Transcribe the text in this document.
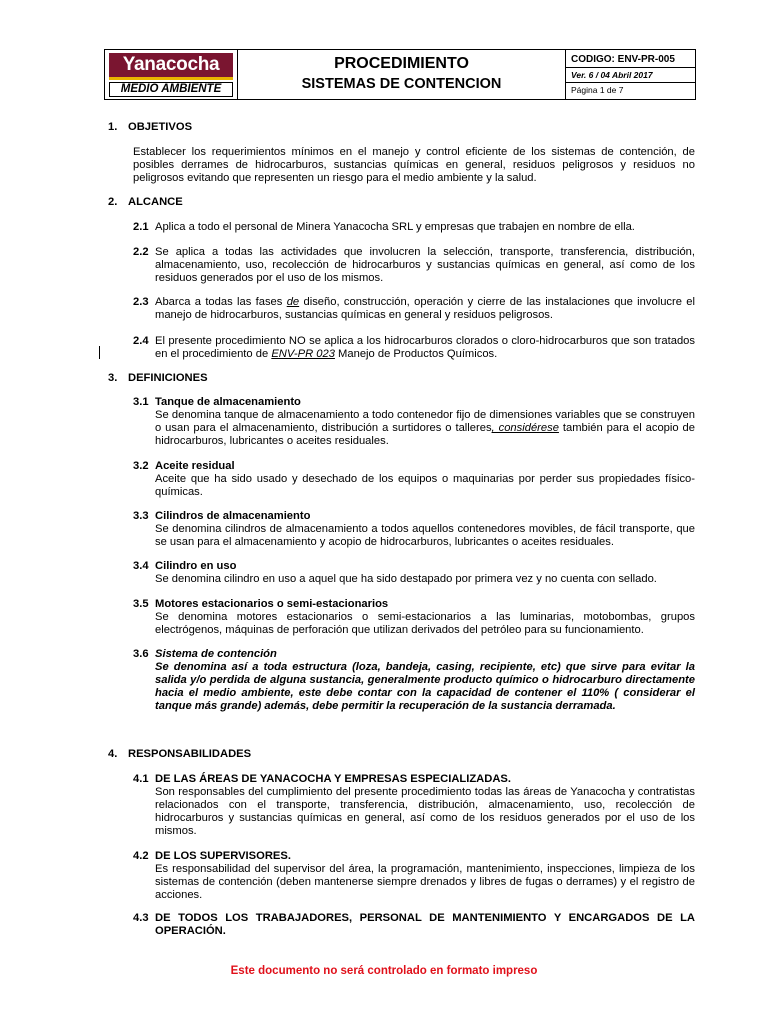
Yanacocha
MEDIO AMBIENTE
PROCEDIMIENTO
SISTEMAS DE CONTENCION
CODIGO: ENV-PR-005
Ver. 6 / 04 Abril 2017
Página 1 de 7
1. OBJETIVOS
Establecer los requerimientos mínimos en el manejo y control eficiente de los sistemas de contención, de posibles derrames de hidrocarburos, sustancias químicas en general, residuos peligrosos y residuos no peligrosos evitando que representen un riesgo para el medio ambiente y la salud.
2. ALCANCE
2.1 Aplica a todo el personal de Minera Yanacocha SRL y empresas que trabajen en nombre de ella.
2.2 Se aplica a todas las actividades que involucren la selección, transporte, transferencia, distribución, almacenamiento, uso, recolección de hidrocarburos y sustancias químicas en general, así como de los residuos generados por el uso de los mismos.
2.3 Abarca a todas las fases de diseño, construcción, operación y cierre de las instalaciones que involucre el manejo de hidrocarburos, sustancias químicas en general y residuos peligrosos.
2.4 El presente procedimiento NO se aplica a los hidrocarburos clorados o cloro-hidrocarburos que son tratados en el procedimiento de ENV-PR 023 Manejo de Productos Químicos.
3. DEFINICIONES
3.1 Tanque de almacenamiento
Se denomina tanque de almacenamiento a todo contenedor fijo de dimensiones variables que se construyen o usan para el almacenamiento, distribución a surtidores o talleres, considérese también para el acopio de hidrocarburos, lubricantes o aceites residuales.
3.2 Aceite residual
Aceite que ha sido usado y desechado de los equipos o maquinarias por perder sus propiedades físico-químicas.
3.3 Cilindros de almacenamiento
Se denomina cilindros de almacenamiento a todos aquellos contenedores movibles, de fácil transporte, que se usan para el almacenamiento y acopio de hidrocarburos, lubricantes o aceites residuales.
3.4 Cilindro en uso
Se denomina cilindro en uso a aquel que ha sido destapado por primera vez y no cuenta con sellado.
3.5 Motores estacionarios o semi-estacionarios
Se denomina motores estacionarios o semi-estacionarios a las luminarias, motobombas, grupos electrógenos, máquinas de perforación que utilizan derivados del petróleo para su funcionamiento.
3.6 Sistema de contención
Se denomina así a toda estructura (loza, bandeja, casing, recipiente, etc) que sirve para evitar la salida y/o perdida de alguna sustancia, generalmente producto químico o hidrocarburo directamente hacia el medio ambiente, este debe contar con la capacidad de contener el 110% ( considerar el tanque más grande) además, debe permitir la recuperación de la sustancia derramada.
4. RESPONSABILIDADES
4.1 DE LAS ÁREAS DE YANACOCHA Y EMPRESAS ESPECIALIZADAS.
Son responsables del cumplimiento del presente procedimiento todas las áreas de Yanacocha y contratistas relacionados con el transporte, transferencia, distribución, almacenamiento, uso, recolección de hidrocarburos y sustancias químicas en general, así como de los residuos generados por el uso de los mismos.
4.2 DE LOS SUPERVISORES.
Es responsabilidad del supervisor del área, la programación, mantenimiento, inspecciones, limpieza de los sistemas de contención (deben mantenerse siempre drenados y libres de fugas o derrames) y el registro de acciones.
4.3 DE TODOS LOS TRABAJADORES, PERSONAL DE MANTENIMIENTO Y ENCARGADOS DE LA OPERACIÓN.
Este documento no será controlado en formato impreso
